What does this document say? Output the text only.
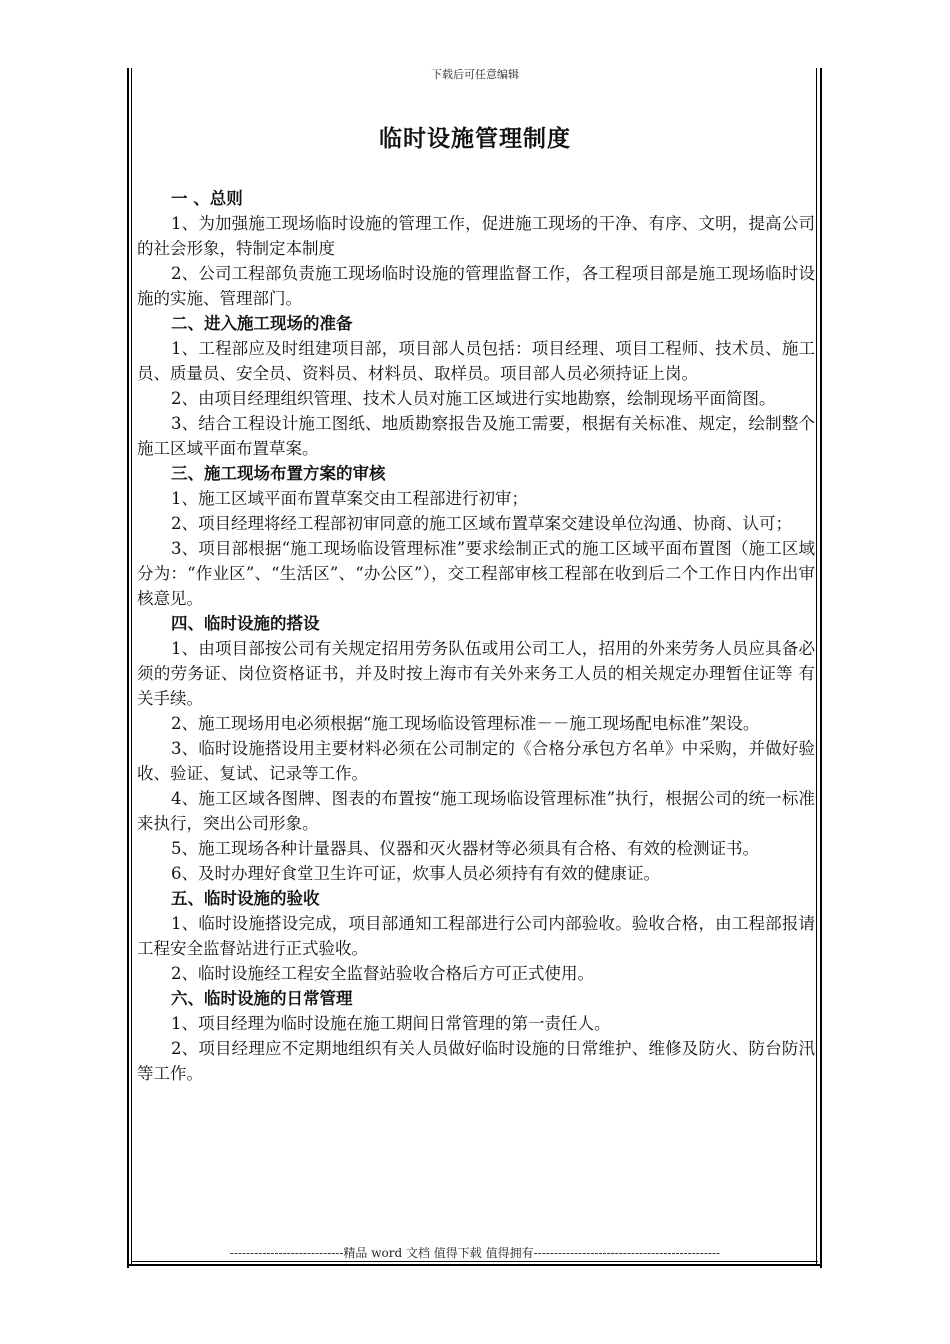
下载后可任意编辑
临时设施管理制度

一 、总则

1、为加强施工现场临时设施的管理工作，促进施工现场的干净、有序、文明，提高公司的社会形象，特制定本制度

2、公司工程部负责施工现场临时设施的管理监督工作，各工程项目部是施工现场临时设施的实施、管理部门。

二、进入施工现场的准备

1、工程部应及时组建项目部，项目部人员包括：项目经理、项目工程师、技术员、施工员、质量员、安全员、资料员、材料员、取样员。项目部人员必须持证上岗。

2、由项目经理组织管理、技术人员对施工区域进行实地勘察，绘制现场平面简图。

3、结合工程设计施工图纸、地质勘察报告及施工需要，根据有关标准、规定，绘制整个施工区域平面布置草案。

三、施工现场布置方案的审核

1、施工区域平面布置草案交由工程部进行初审；

2、项目经理将经工程部初审同意的施工区域布置草案交建设单位沟通、协商、认可；

3、项目部根据“施工现场临设管理标准”要求绘制正式的施工区域平面布置图（施工区域分为：“作业区”、“生活区”、“办公区”），交工程部审核工程部在收到后二个工作日内作出审核意见。

四、临时设施的搭设

1、由项目部按公司有关规定招用劳务队伍或用公司工人，招用的外来劳务人员应具备必须的劳务证、岗位资格证书，并及时按上海市有关外来务工人员的相关规定办理暂住证等 有关手续。

2、施工现场用电必须根据“施工现场临设管理标准－－施工现场配电标准”架设。

3、临时设施搭设用主要材料必须在公司制定的《合格分承包方名单》中采购，并做好验收、验证、复试、记录等工作。

4、施工区域各图牌、图表的布置按“施工现场临设管理标准”执行，根据公司的统一标准来执行，突出公司形象。

5、施工现场各种计量器具、仪器和灭火器材等必须具有合格、有效的检测证书。

6、及时办理好食堂卫生许可证，炊事人员必须持有有效的健康证。

五、临时设施的验收

1、临时设施搭设完成，项目部通知工程部进行公司内部验收。验收合格，由工程部报请工程安全监督站进行正式验收。

2、临时设施经工程安全监督站验收合格后方可正式使用。

六、临时设施的日常管理

1、项目经理为临时设施在施工期间日常管理的第一责任人。

2、项目经理应不定期地组织有关人员做好临时设施的日常维护、维修及防火、防台防汛等工作。

----------------------------精品 word 文档 值得下载 值得拥有----------------------------------------------
